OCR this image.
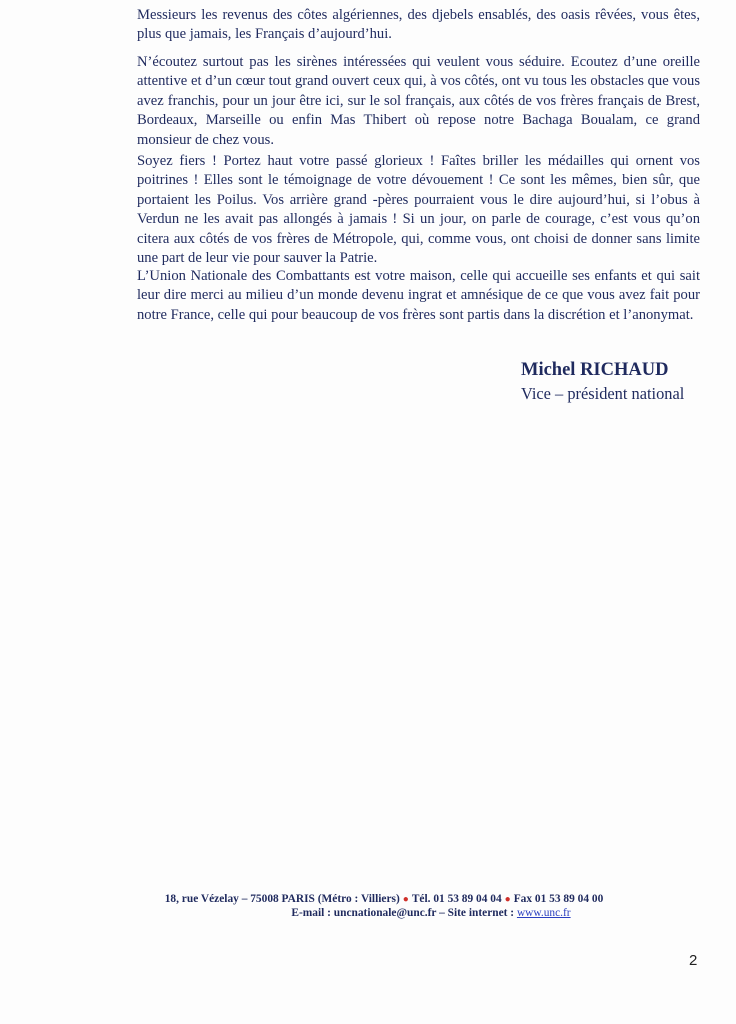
Messieurs les revenus des côtes algériennes, des djebels ensablés, des oasis rêvées, vous êtes, plus que jamais, les Français d’aujourd’hui.

N’écoutez surtout pas les sirènes intéressées qui veulent vous séduire. Ecoutez d’une oreille attentive et d’un cœur tout grand ouvert ceux qui, à vos côtés, ont vu tous les obstacles que vous avez franchis, pour un jour être ici, sur le sol français, aux côtés de vos frères français de Brest, Bordeaux, Marseille ou enfin Mas Thibert où repose notre Bachaga Boualam, ce grand monsieur de chez vous.

Soyez fiers ! Portez haut votre passé glorieux ! Faîtes briller les médailles qui ornent vos poitrines ! Elles sont le témoignage de votre dévouement ! Ce sont les mêmes, bien sûr, que portaient les Poilus. Vos arrière grand -pères pourraient vous le dire aujourd’hui, si l’obus à Verdun ne les avait pas allongés à jamais ! Si un jour, on parle de courage, c’est vous qu’on citera aux côtés de vos frères de Métropole, qui, comme vous, ont choisi de donner sans limite une part de leur vie pour sauver la Patrie.

L’Union Nationale des Combattants est votre maison, celle qui accueille ses enfants et qui sait leur dire merci au milieu d’un monde devenu ingrat et amnésique de ce que vous avez fait pour notre France, celle qui pour beaucoup de vos frères sont partis dans la discrétion et l’anonymat.

Michel RICHAUD
Vice – président national
18, rue Vézelay – 75008 PARIS (Métro : Villiers) ● Tél. 01 53 89 04 04 ● Fax 01 53 89 04 00
E-mail : uncnationale@unc.fr – Site internet : www.unc.fr
2
